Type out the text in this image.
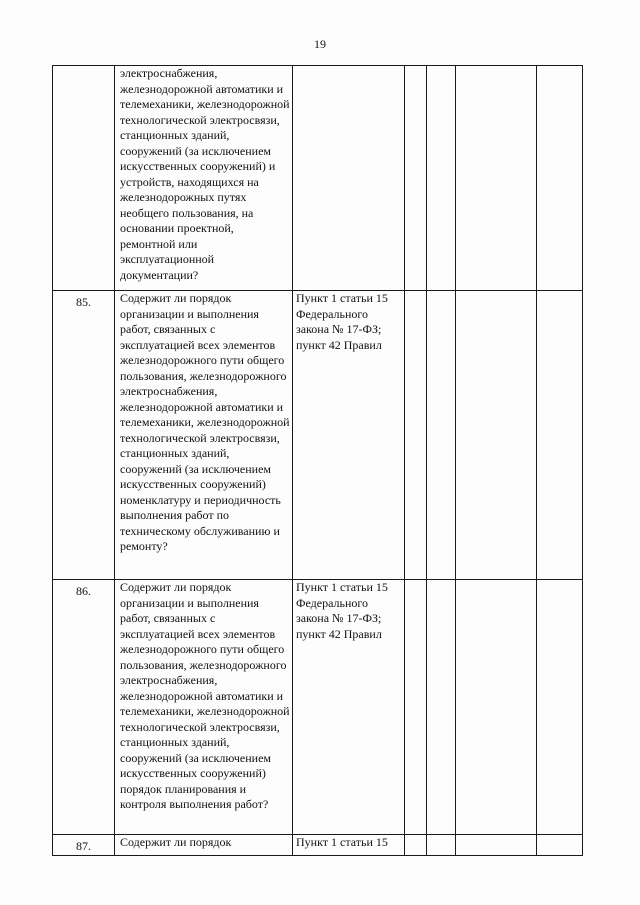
19
	электроснабжения, железнодорожной автоматики и телемеханики, железнодорожной технологической электросвязи, станционных зданий, сооружений (за исключением искусственных сооружений) и устройств, находящихся на железнодорожных путях необщего пользования, на основании проектной, ремонтной или эксплуатационной документации?					
85.	Содержит ли порядок организации и выполнения работ, связанных с эксплуатацией всех элементов железнодорожного пути общего пользования, железнодорожного электроснабжения, железнодорожной автоматики и телемеханики, железнодорожной технологической электросвязи, станционных зданий, сооружений (за исключением искусственных сооружений) номенклатуру и периодичность выполнения работ по техническому обслуживанию и ремонту?	Пункт 1 статьи 15 Федерального закона № 17-ФЗ; пункт 42 Правил				
86.	Содержит ли порядок организации и выполнения работ, связанных с эксплуатацией всех элементов железнодорожного пути общего пользования, железнодорожного электроснабжения, железнодорожной автоматики и телемеханики, железнодорожной технологической электросвязи, станционных зданий, сооружений (за исключением искусственных сооружений) порядок планирования и контроля выполнения работ?	Пункт 1 статьи 15 Федерального закона № 17-ФЗ; пункт 42 Правил				
87.	Содержит ли порядок	Пункт 1 статьи 15				
